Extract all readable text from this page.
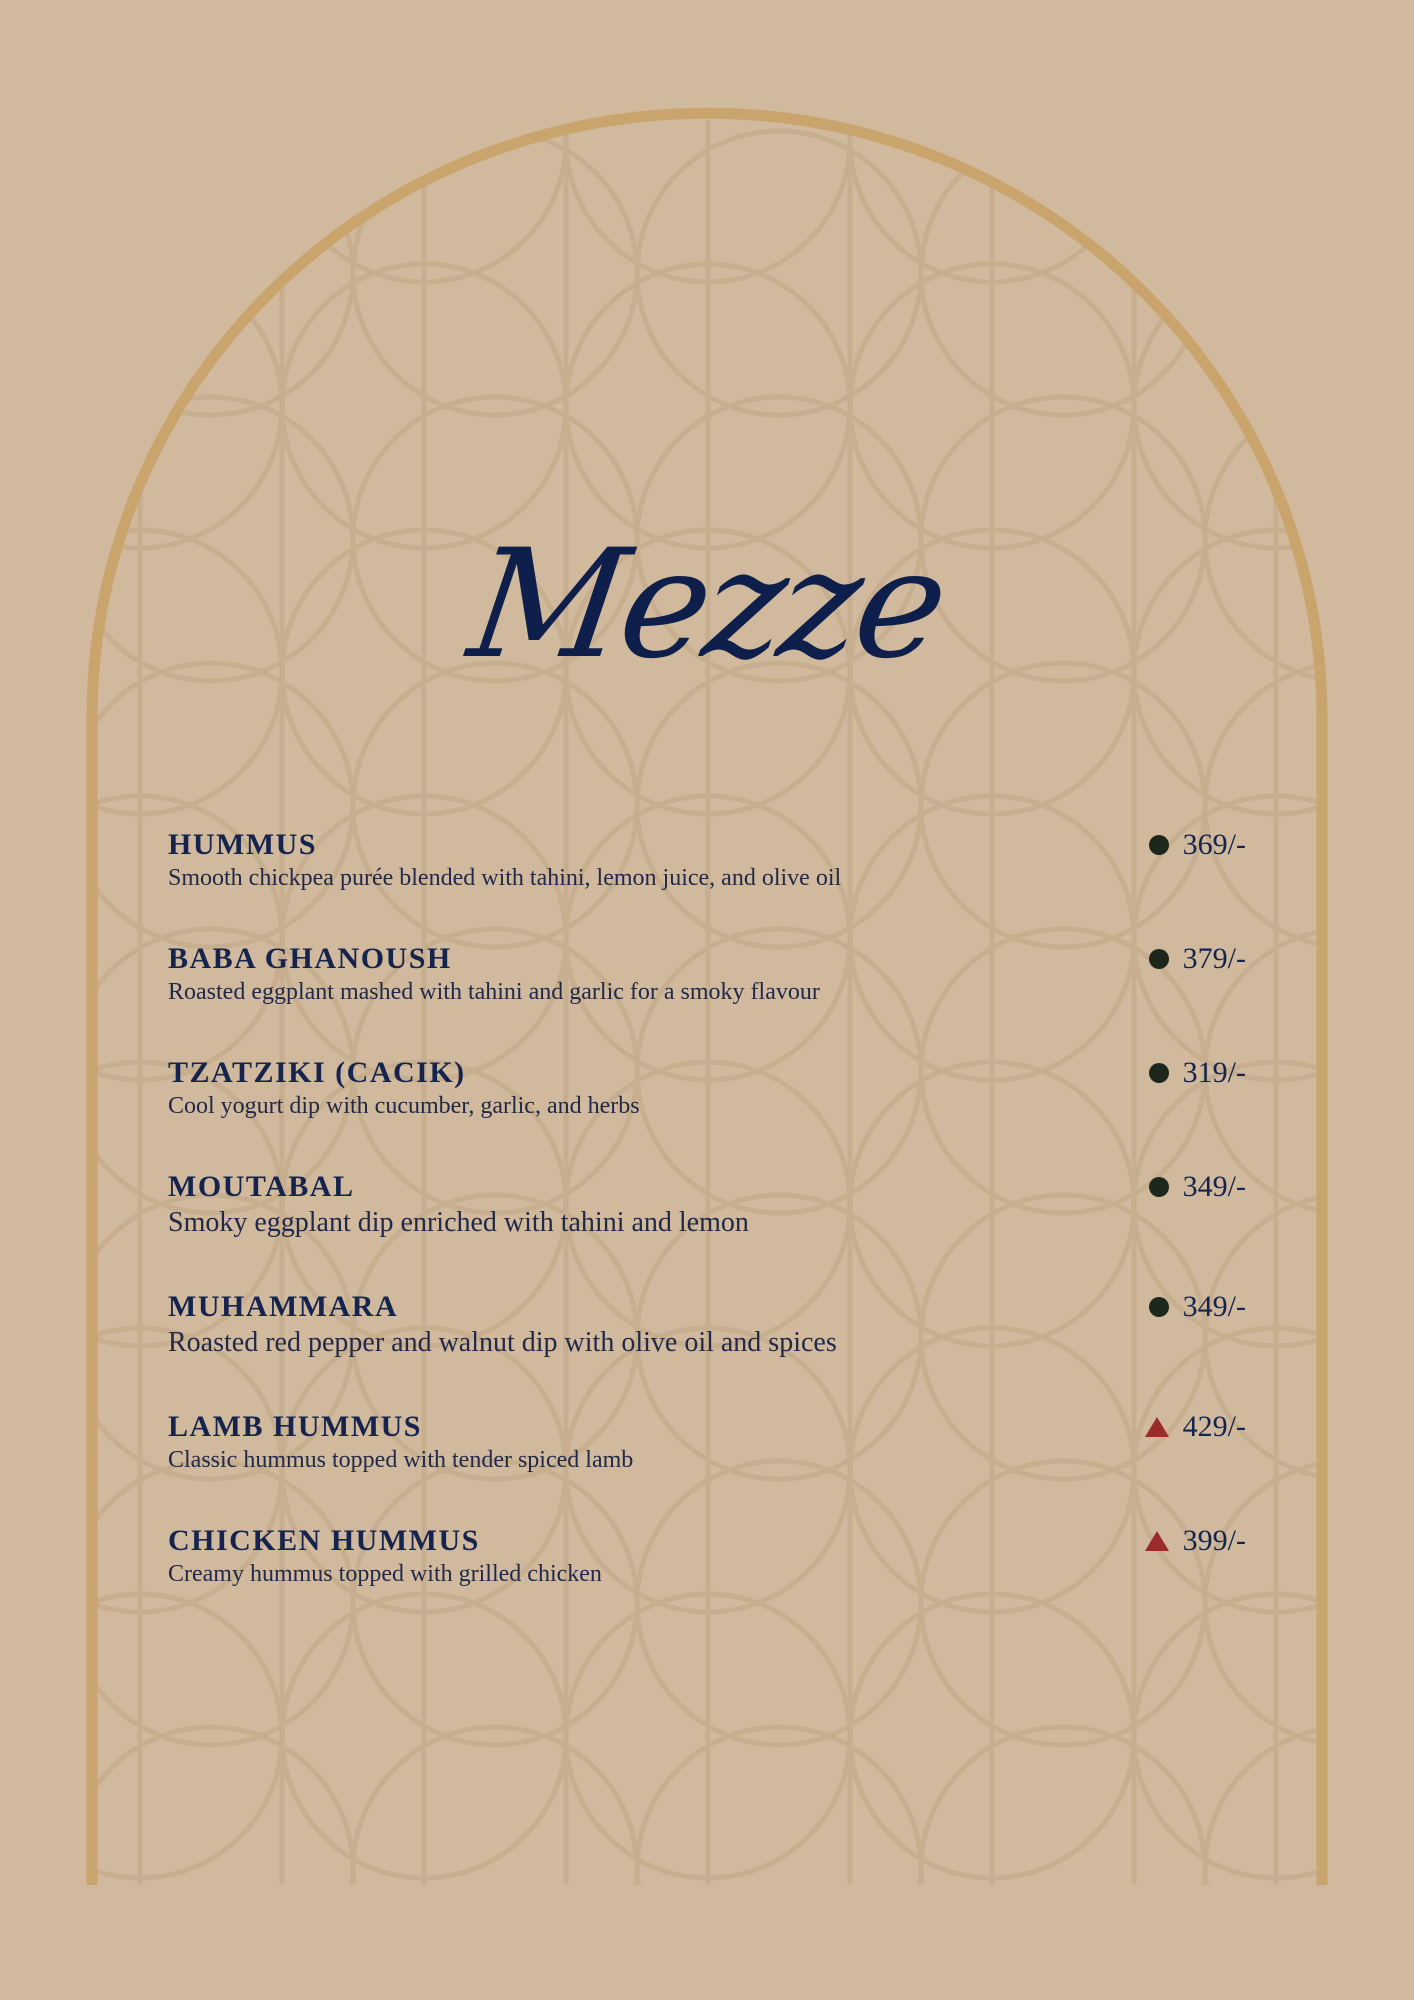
Mezze
HUMMUS	369/-
Smooth chickpea purée blended with tahini, lemon juice, and olive oil
BABA GHANOUSH	379/-
Roasted eggplant mashed with tahini and garlic for a smoky flavour
TZATZIKI (CACIK)	319/-
Cool yogurt dip with cucumber, garlic, and herbs
MOUTABAL	349/-
Smoky eggplant dip enriched with tahini and lemon
MUHAMMARA	349/-
Roasted red pepper and walnut dip with olive oil and spices
LAMB HUMMUS	429/-
Classic hummus topped with tender spiced lamb
CHICKEN HUMMUS	399/-
Creamy hummus topped with grilled chicken
